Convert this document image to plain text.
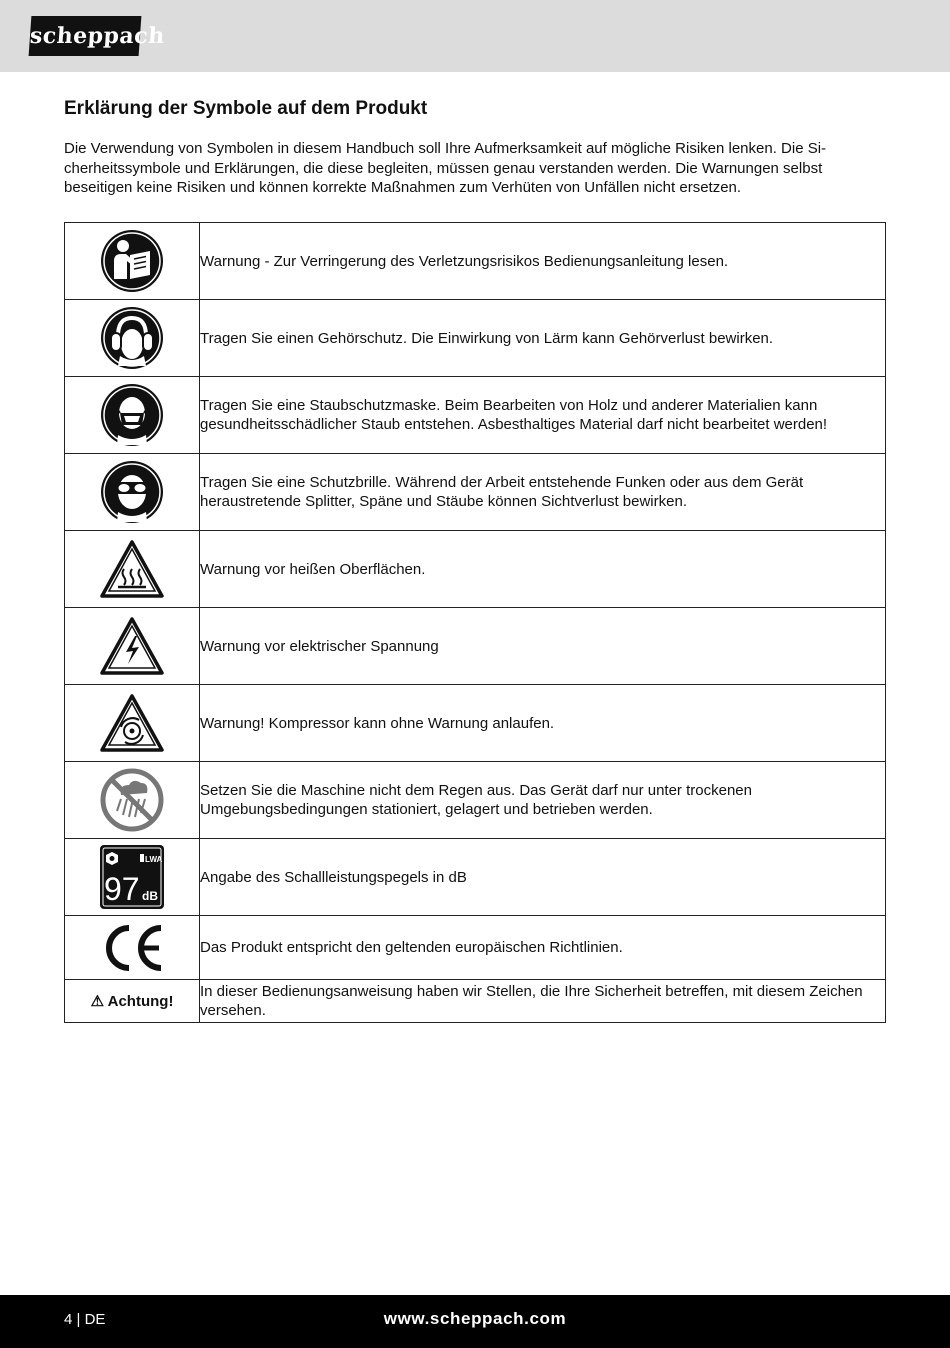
scheppach
Erklärung der Symbole auf dem Produkt

Die Verwendung von Symbolen in diesem Handbuch soll Ihre Aufmerksamkeit auf mögliche Risiken lenken. Die Si-cherheitssymbole und Erklärungen, die diese begleiten, müssen genau verstanden werden. Die Warnungen selbst beseitigen keine Risiken und können korrekte Maßnahmen zum Verhüten von Unfällen nicht ersetzen.

	Warnung - Zur Verringerung des Verletzungsrisikos Bedienungsanleitung lesen.

	Tragen Sie einen Gehörschutz. Die Einwirkung von Lärm kann Gehörverlust bewirken.

	Tragen Sie eine Staubschutzmaske. Beim Bearbeiten von Holz und anderer Materialien kann gesundheitsschädlicher Staub entstehen. Asbesthaltiges Material darf nicht bearbeitet werden!

	Tragen Sie eine Schutzbrille. Während der Arbeit entstehende Funken oder aus dem Gerät heraustretende Splitter, Späne und Stäube können Sichtverlust bewirken.

	Warnung vor heißen Oberflächen.

	Warnung vor elektrischer Spannung

	Warnung! Kompressor kann ohne Warnung anlaufen.

	Setzen Sie die Maschine nicht dem Regen aus. Das Gerät darf nur unter trockenen Umgebungsbedingungen stationiert, gelagert und betrieben werden.

LWA
97 dB	Angabe des Schallleistungspegels in dB

	Das Produkt entspricht den geltenden europäischen Richtlinien.
⚠ Achtung!	In dieser Bedienungsanweisung haben wir Stellen, die Ihre Sicherheit betreffen, mit diesem Zeichen versehen.
4 | DE	www.scheppach.com
